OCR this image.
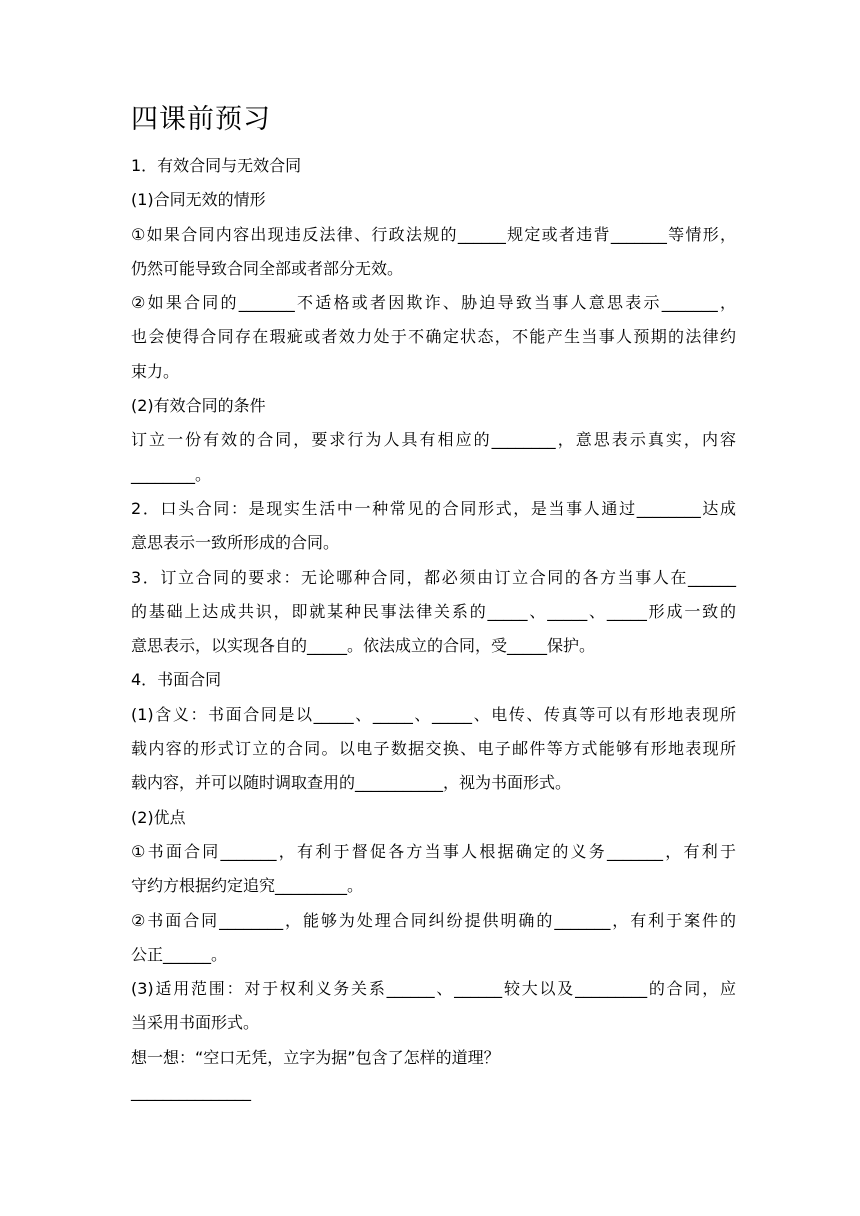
四课前预习

1．有效合同与无效合同

(1)合同无效的情形

①如果合同内容出现违反法律、行政法规的______规定或者违背_______等情形，

仍然可能导致合同全部或者部分无效。

②如果合同的_______不适格或者因欺诈、胁迫导致当事人意思表示_______，

也会使得合同存在瑕疵或者效力处于不确定状态，不能产生当事人预期的法律约

束力。

(2)有效合同的条件

订立一份有效的合同，要求行为人具有相应的________，意思表示真实，内容

________。

2．口头合同：是现实生活中一种常见的合同形式，是当事人通过________达成

意思表示一致所形成的合同。

3．订立合同的要求：无论哪种合同，都必须由订立合同的各方当事人在______

的基础上达成共识，即就某种民事法律关系的_____、_____、_____形成一致的

意思表示，以实现各自的_____。依法成立的合同，受_____保护。

4．书面合同

(1)含义：书面合同是以_____、_____、_____、电传、传真等可以有形地表现所

载内容的形式订立的合同。以电子数据交换、电子邮件等方式能够有形地表现所

载内容，并可以随时调取查用的___________，视为书面形式。

(2)优点

①书面合同_______，有利于督促各方当事人根据确定的义务_______，有利于

守约方根据约定追究_________。

②书面合同________，能够为处理合同纠纷提供明确的_______，有利于案件的

公正______。

(3)适用范围：对于权利义务关系______、______较大以及_________的合同，应

当采用书面形式。

想一想：“空口无凭，立字为据”包含了怎样的道理？

_______________
